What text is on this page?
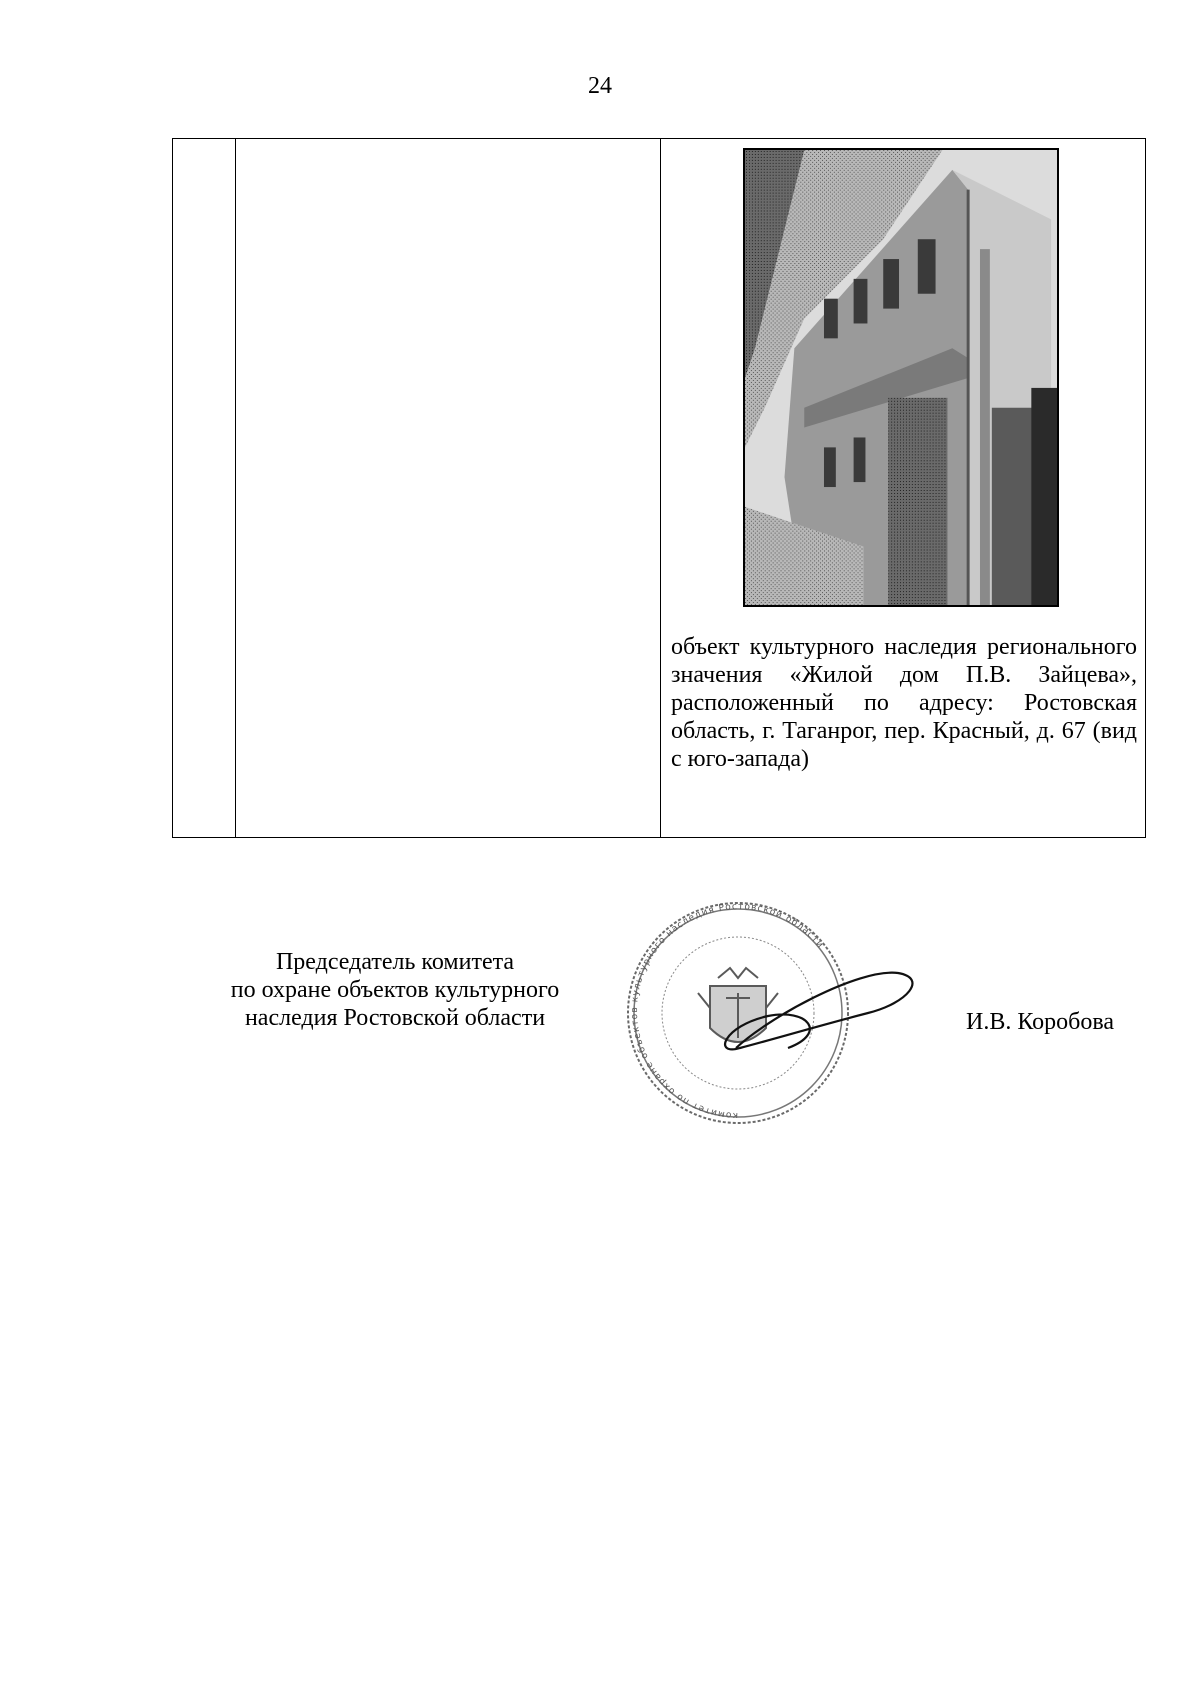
24
объект культурного наследия регионального значения «Жилой дом П.В. Зайцева», расположенный по адресу: Ростовская область, г. Таганрог, пер. Красный, д. 67 (вид с юго-запада)
Председатель комитета
по охране объектов культурного
наследия Ростовской области
комитет по охране объектов культурного наследия Ростовской области
И.В. Коробова
